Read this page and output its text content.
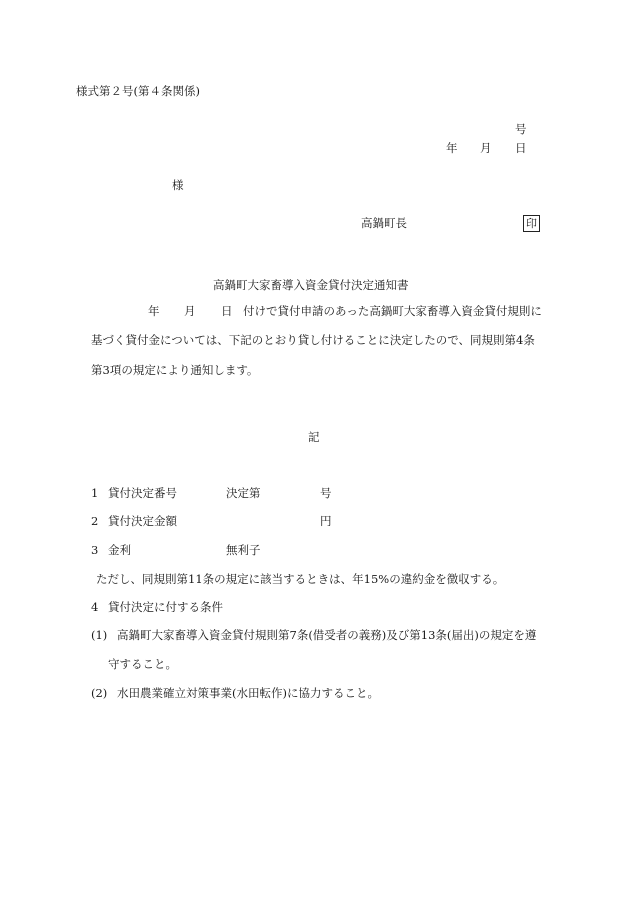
様式第２号(第４条関係)
号
年 月 日
様
高鍋町長	印
高鍋町大家畜導入資金貸付決定通知書
年 月 日 付けで貸付申請のあった高鍋町大家畜導入資金貸付規則に
基づく貸付金については、下記のとおり貸し付けることに決定したので、同規則第4条
第3項の規定により通知します。
記
1 貸付決定番号	決定第	号
2 貸付決定金額	円
3 金利	無利子
ただし、同規則第11条の規定に該当するときは、年15%の違約金を徴収する。
4 貸付決定に付する条件
(1) 高鍋町大家畜導入資金貸付規則第7条(借受者の義務)及び第13条(届出)の規定を遵
守すること。
(2) 水田農業確立対策事業(水田転作)に協力すること。
